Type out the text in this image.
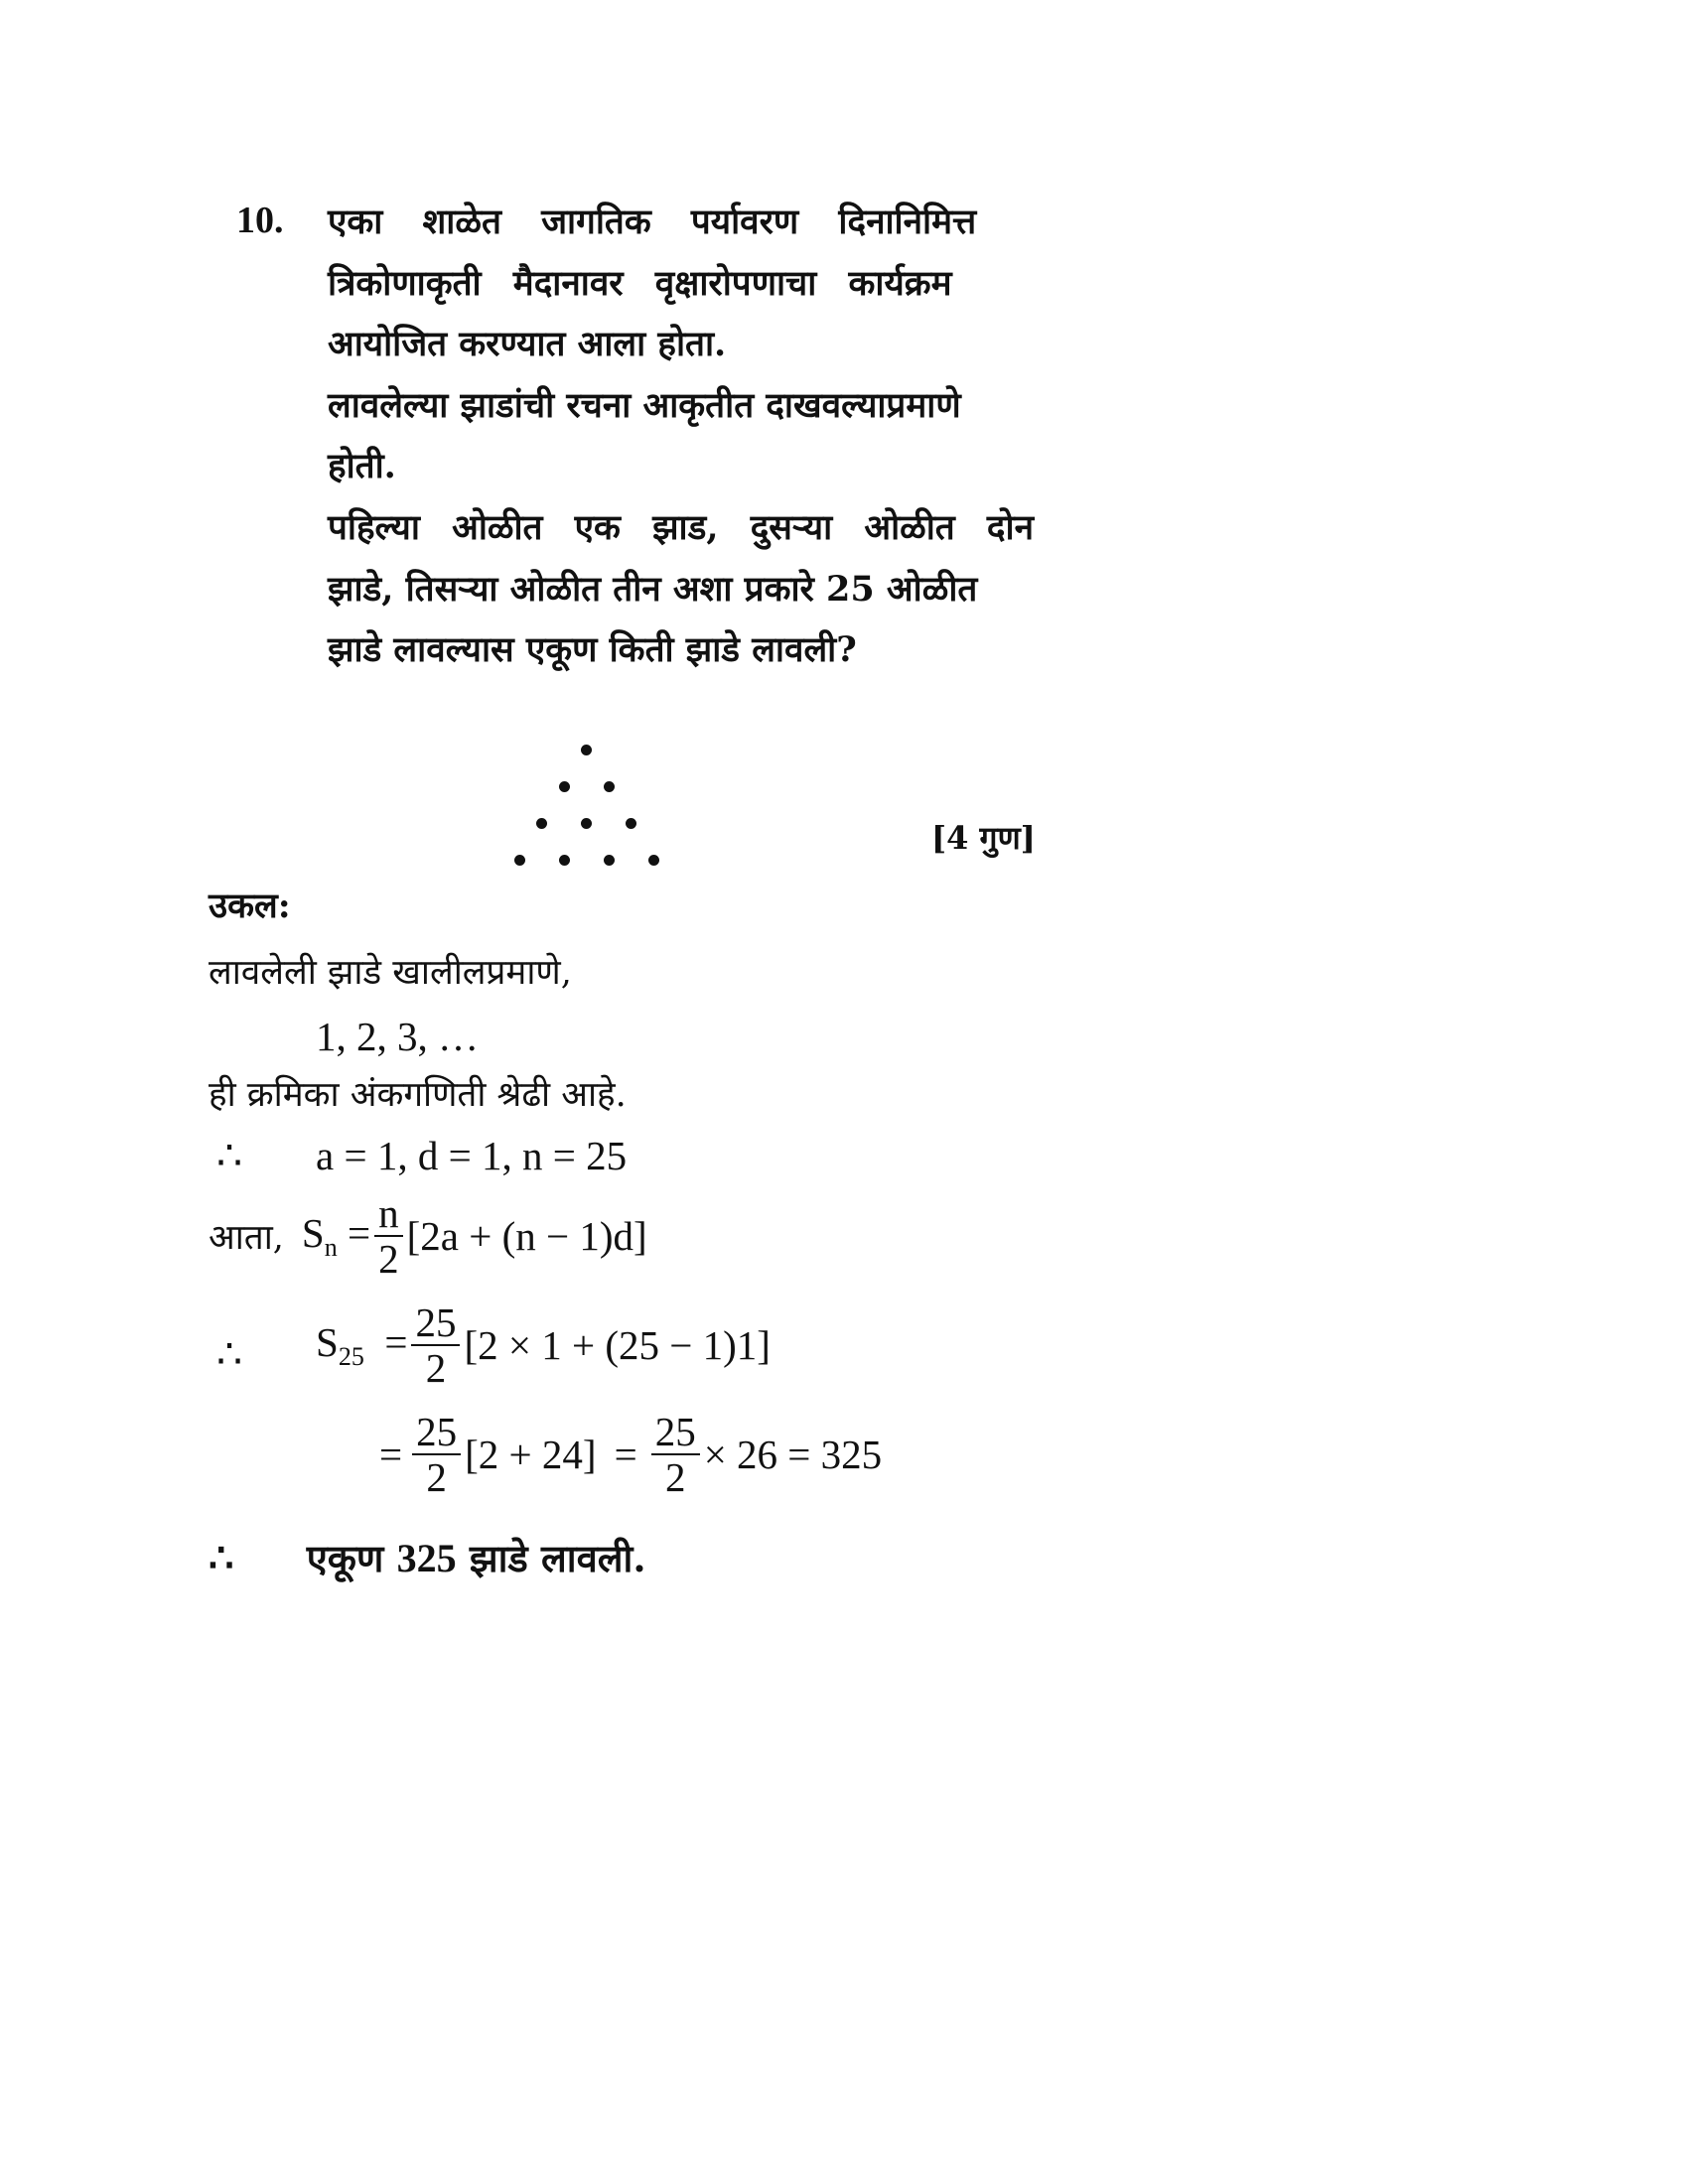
10. एका शाळेत जागतिक पर्यावरण दिनानिमित्त
त्रिकोणाकृती मैदानावर वृक्षारोपणाचा कार्यक्रम
आयोजित करण्यात आला होता.
लावलेल्या झाडांची रचना आकृतीत दाखवल्याप्रमाणे
होती.
पहिल्या ओळीत एक झाड, दुसऱ्या ओळीत दोन
झाडे, तिसऱ्या ओळीत तीन अशा प्रकारे 25 ओळीत
झाडे लावल्यास एकूण किती झाडे लावली?
[4 गुण]
उकल:
लावलेली झाडे खालीलप्रमाणे,
1, 2, 3, …
ही क्रमिका अंकगणिती श्रेढी आहे.
∴ a = 1, d = 1, n = 25
आता, $S_n = \frac{n}{2} [2a + (n - 1)d]$
∴ $S_{25} = \frac{25}{2} [2 \times 1 + (25 - 1)1]$
= $\frac{25}{2} [2 + 24] = \frac{25}{2} \times 26 = 325$
∴ एकूण 325 झाडे लावली.
